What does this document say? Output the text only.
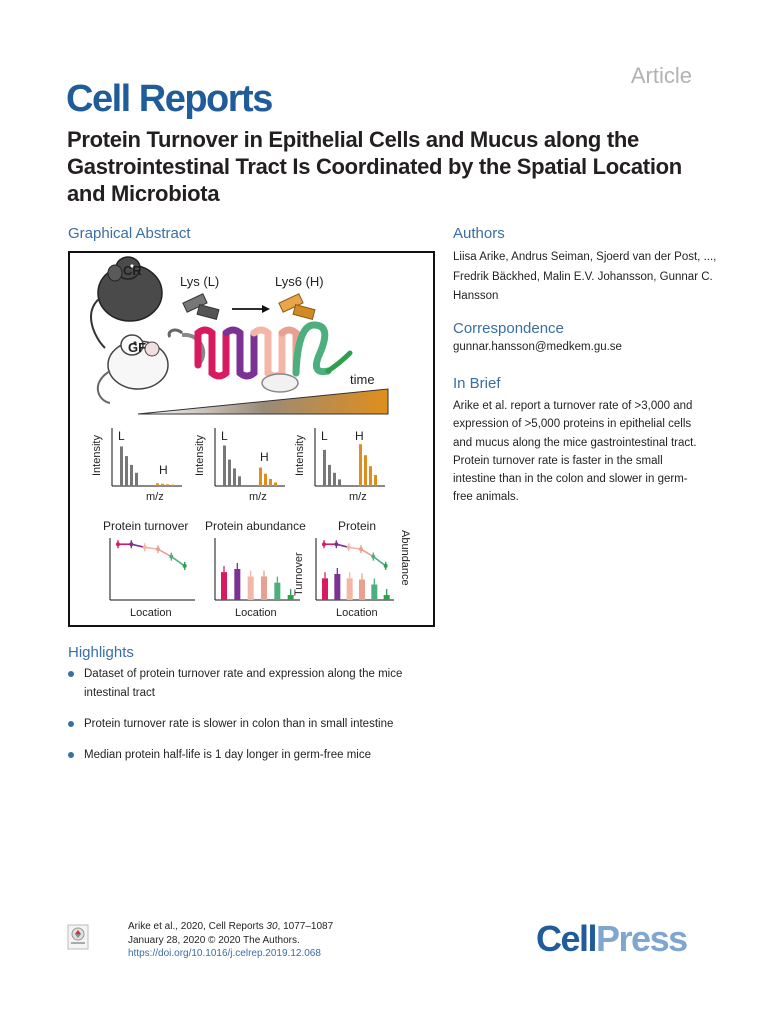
Article
Cell Reports
Protein Turnover in Epithelial Cells and Mucus along the Gastrointestinal Tract Is Coordinated by the Spatial Location and Microbiota
Graphical Abstract
CR
GF
Lys (L)	Lys6 (H)
time
Intensity L
H
m/z
Intensity L
H
m/z
Intensity L H
m/z
Protein turnover
Location
Protein abundance
Location
Protein
Turnover	Abundance
Location
Authors
Liisa Arike, Andrus Seiman, Sjoerd van der Post, ..., Fredrik Bäckhed, Malin E.V. Johansson, Gunnar C. Hansson
Correspondence
gunnar.hansson@medkem.gu.se
In Brief
Arike et al. report a turnover rate of >3,000 and expression of >5,000 proteins in epithelial cells and mucus along the mice gastrointestinal tract. Protein turnover rate is faster in the small intestine than in the colon and slower in germ-free animals.
Highlights
Dataset of protein turnover rate and expression along the mice intestinal tract
Protein turnover rate is slower in colon than in small intestine
Median protein half-life is 1 day longer in germ-free mice
Arike et al., 2020, Cell Reports 30, 1077–1087
January 28, 2020 © 2020 The Authors.
https://doi.org/10.1016/j.celrep.2019.12.068	CellPress
